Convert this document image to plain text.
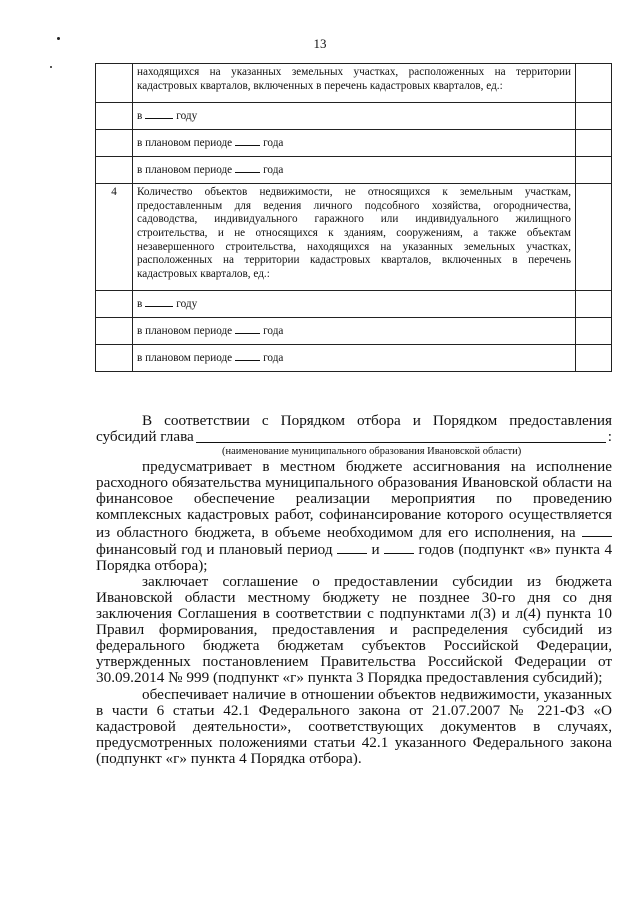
13
	находящихся на указанных земельных участках, расположенных на территории кадастровых кварталов, включенных в перечень кадастровых кварталов, ед.:	
	в году	
	в плановом периоде года	
	в плановом периоде года	
4	Количество объектов недвижимости, не относящихся к земельным участкам, предоставленным для ведения личного подсобного хозяйства, огородничества, садоводства, индивидуального гаражного или индивидуального жилищного строительства, и не относящихся к зданиям, сооружениям, а также объектам незавершенного строительства, находящихся на указанных земельных участках, расположенных на территории кадастровых кварталов, включенных в перечень кадастровых кварталов, ед.:	
	в году	
	в плановом периоде года	
	в плановом периоде года	

В соответствии с Порядком отбора и Порядком предоставления

субсидий глава	:

(наименование муниципального образования Ивановской области)

предусматривает в местном бюджете ассигнования на исполнение расходного обязательства муниципального образования Ивановской области на финансовое обеспечение реализации мероприятия по проведению комплексных кадастровых работ, софинансирование которого осуществляется из областного бюджета, в объеме необходимом для его исполнения, на  финансовый год и плановый период	и	годов (подпункт «в» пункта 4 Порядка отбора);

заключает соглашение о предоставлении субсидии из бюджета Ивановской области местному бюджету не позднее 30-го дня со дня заключения Соглашения в соответствии с подпунктами л(3) и л(4) пункта 10 Правил формирования, предоставления и распределения субсидий из федерального бюджета бюджетам субъектов Российской Федерации, утвержденных постановлением Правительства Российской Федерации от 30.09.2014 № 999 (подпункт «г» пункта 3 Порядка предоставления субсидий);

обеспечивает наличие в отношении объектов недвижимости, указанных в части 6 статьи 42.1 Федерального закона от 21.07.2007 № 221-ФЗ «О кадастровой деятельности», соответствующих документов в случаях, предусмотренных положениями статьи 42.1 указанного Федерального закона (подпункт «г» пункта 4 Порядка отбора).
